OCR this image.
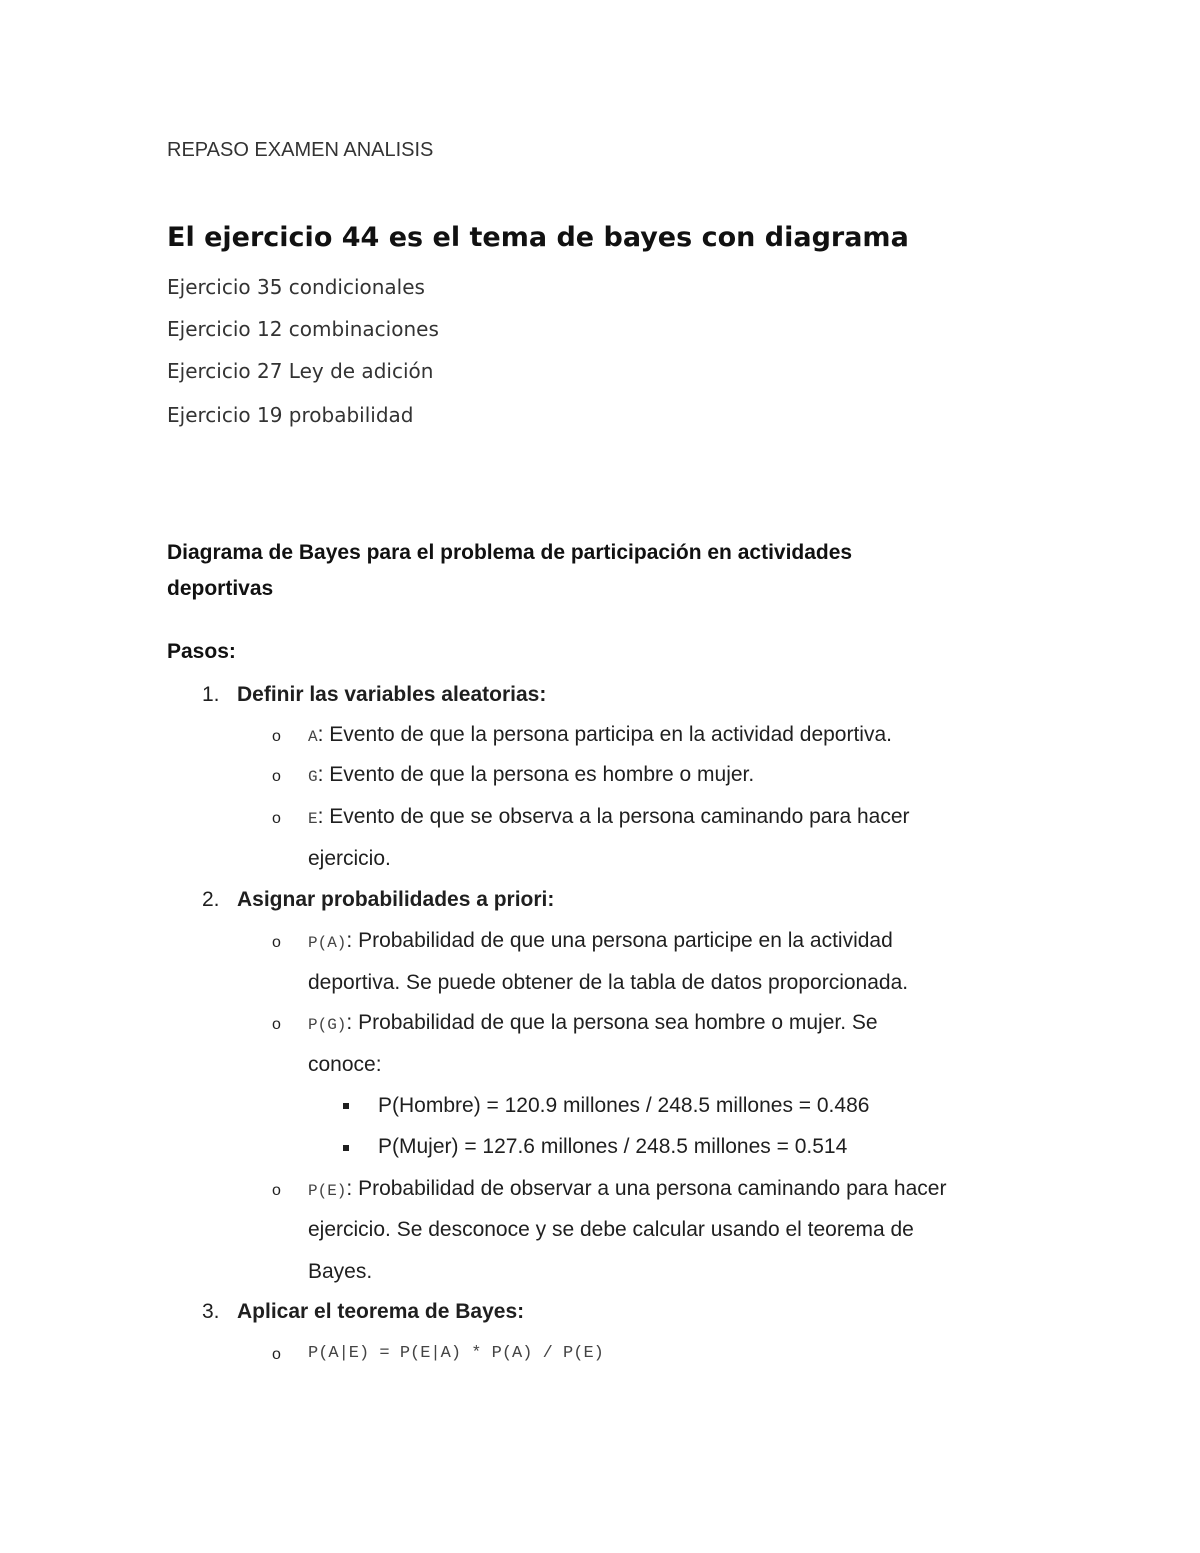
REPASO EXAMEN ANALISIS
El ejercicio 44 es el tema de bayes con diagrama
Ejercicio 35 condicionales
Ejercicio 12 combinaciones
Ejercicio 27 Ley de adición
Ejercicio 19 probabilidad
Diagrama de Bayes para el problema de participación en actividades
deportivas
Pasos:
1. Definir las variables aleatorias:
o A: Evento de que la persona participa en la actividad deportiva.
o G: Evento de que la persona es hombre o mujer.
o E: Evento de que se observa a la persona caminando para hacer
ejercicio.
2. Asignar probabilidades a priori:
o P(A): Probabilidad de que una persona participe en la actividad
deportiva. Se puede obtener de la tabla de datos proporcionada.
o P(G): Probabilidad de que la persona sea hombre o mujer. Se
conoce:
P(Hombre) = 120.9 millones / 248.5 millones = 0.486
P(Mujer) = 127.6 millones / 248.5 millones = 0.514
o P(E): Probabilidad de observar a una persona caminando para hacer
ejercicio. Se desconoce y se debe calcular usando el teorema de
Bayes.
3. Aplicar el teorema de Bayes:
o P(A|E) = P(E|A) * P(A) / P(E)
